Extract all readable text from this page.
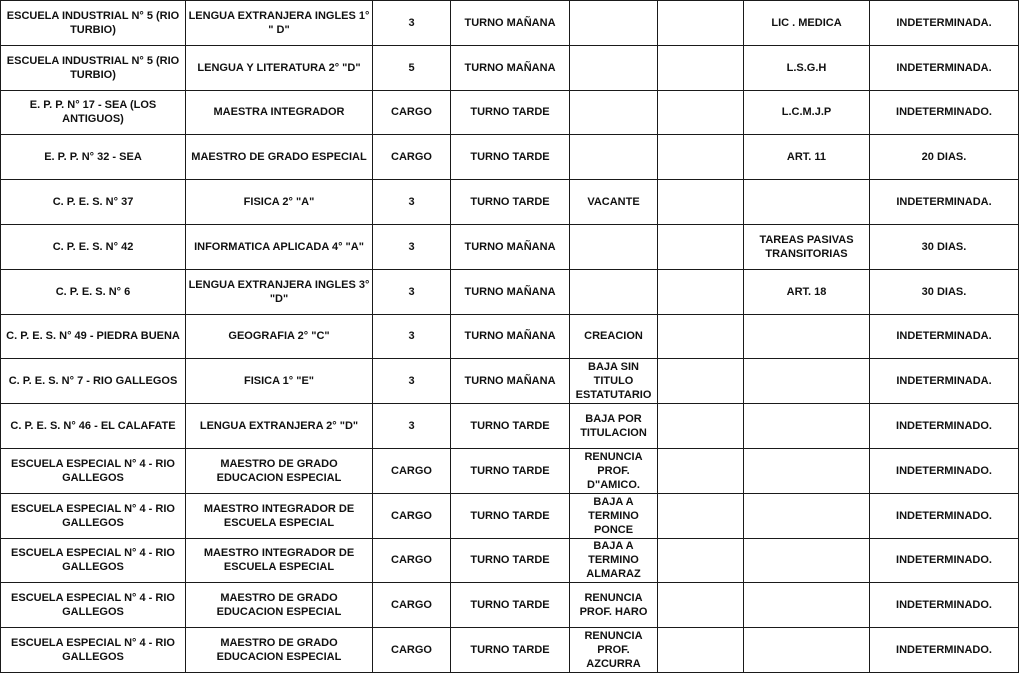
ESCUELA INDUSTRIAL N° 5 (RIO TURBIO)	LENGUA EXTRANJERA INGLES 1° " D"	3	TURNO MAÑANA			LIC . MEDICA	INDETERMINADA.
ESCUELA INDUSTRIAL N° 5 (RIO TURBIO)	LENGUA Y LITERATURA 2° "D"	5	TURNO MAÑANA			L.S.G.H	INDETERMINADA.
E. P. P. N° 17 - SEA (LOS ANTIGUOS)	MAESTRA INTEGRADOR	CARGO	TURNO TARDE			L.C.M.J.P	INDETERMINADO.
E. P. P. N° 32 - SEA	MAESTRO DE GRADO ESPECIAL	CARGO	TURNO TARDE			ART. 11	20 DIAS.
C. P. E. S. N° 37	FISICA 2° "A"	3	TURNO TARDE	VACANTE			INDETERMINADA.
C. P. E. S. N° 42	INFORMATICA APLICADA 4° "A"	3	TURNO MAÑANA			TAREAS PASIVAS TRANSITORIAS	30 DIAS.
C. P. E. S. N° 6	LENGUA EXTRANJERA INGLES 3° "D"	3	TURNO MAÑANA			ART. 18	30 DIAS.
C. P. E. S. N° 49 - PIEDRA BUENA	GEOGRAFIA 2° "C"	3	TURNO MAÑANA	CREACION			INDETERMINADA.
C. P. E. S. N° 7 - RIO GALLEGOS	FISICA 1° "E"	3	TURNO MAÑANA	BAJA SIN TITULO ESTATUTARIO			INDETERMINADA.
C. P. E. S. N° 46 - EL CALAFATE	LENGUA EXTRANJERA 2° "D"	3	TURNO TARDE	BAJA POR TITULACION			INDETERMINADO.
ESCUELA ESPECIAL N° 4 - RIO GALLEGOS	MAESTRO DE GRADO EDUCACION ESPECIAL	CARGO	TURNO TARDE	RENUNCIA PROF. D"AMICO.			INDETERMINADO.
ESCUELA ESPECIAL N° 4 - RIO GALLEGOS	MAESTRO INTEGRADOR DE ESCUELA ESPECIAL	CARGO	TURNO TARDE	BAJA A TERMINO PONCE			INDETERMINADO.
ESCUELA ESPECIAL N° 4 - RIO GALLEGOS	MAESTRO INTEGRADOR DE ESCUELA ESPECIAL	CARGO	TURNO TARDE	BAJA A TERMINO ALMARAZ			INDETERMINADO.
ESCUELA ESPECIAL N° 4 - RIO GALLEGOS	MAESTRO DE GRADO EDUCACION ESPECIAL	CARGO	TURNO TARDE	RENUNCIA PROF. HARO			INDETERMINADO.
ESCUELA ESPECIAL N° 4 - RIO GALLEGOS	MAESTRO DE GRADO EDUCACION ESPECIAL	CARGO	TURNO TARDE	RENUNCIA PROF. AZCURRA			INDETERMINADO.
